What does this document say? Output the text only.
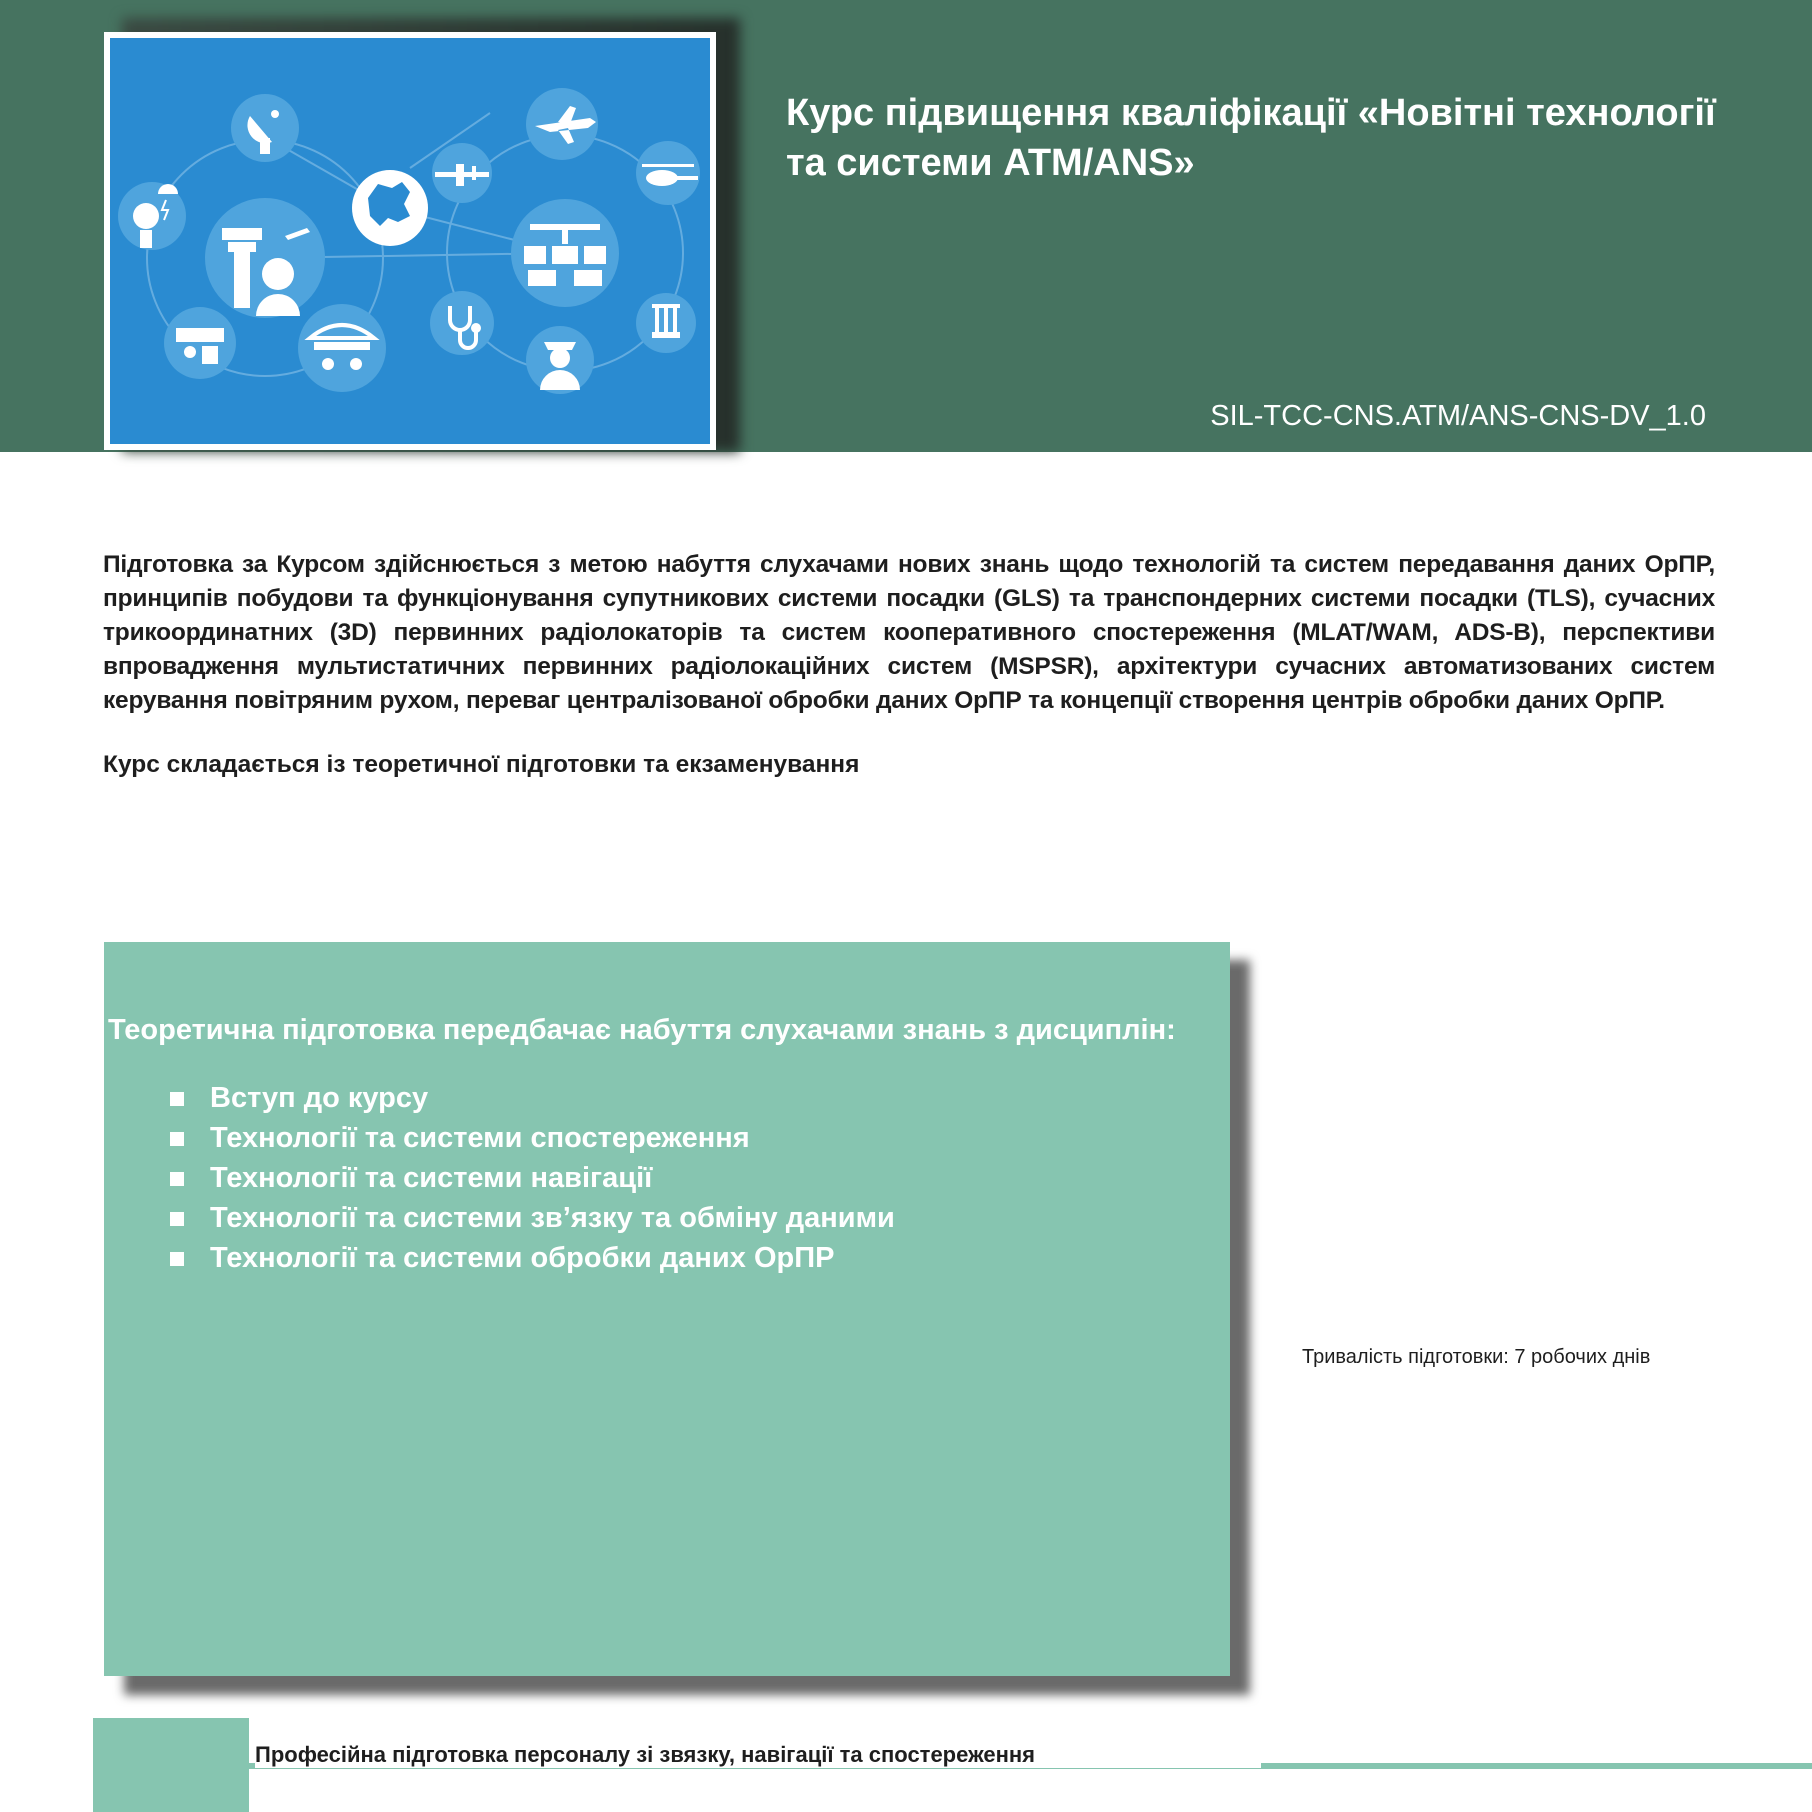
Курс підвищення кваліфікації «Новітні технології та системи ATM/ANS»
SIL-TCC-CNS.ATM/ANS-CNS-DV_1.0
Підготовка за Курсом здійснюється з метою набуття слухачами нових знань щодо технологій та систем передавання даних ОрПР, принципів побудови та функціонування супутникових системи посадки (GLS) та транспондерних системи посадки (TLS), сучасних трикоординатних (3D) первинних радіолокаторів та систем кооперативного спостереження (MLAT/WAM, ADS-B), перспективи впровадження мультистатичних первинних радіолокаційних систем (MSPSR), архітектури сучасних автоматизованих систем керування повітряним рухом, переваг централізованої обробки даних ОрПР та концепції створення центрів обробки даних ОрПР.
Курс складається із теоретичної підготовки та екзаменування
Теоретична підготовка передбачає набуття слухачами знань з дисциплін:
Вступ до курсу
Технології та системи спостереження
Технології та системи навігації
Технології та системи зв’язку та обміну даними
Технології та системи обробки даних ОрПР
Тривалість підготовки: 7 робочих днів
Професійна підготовка персоналу зі звязку, навігації та спостереження
